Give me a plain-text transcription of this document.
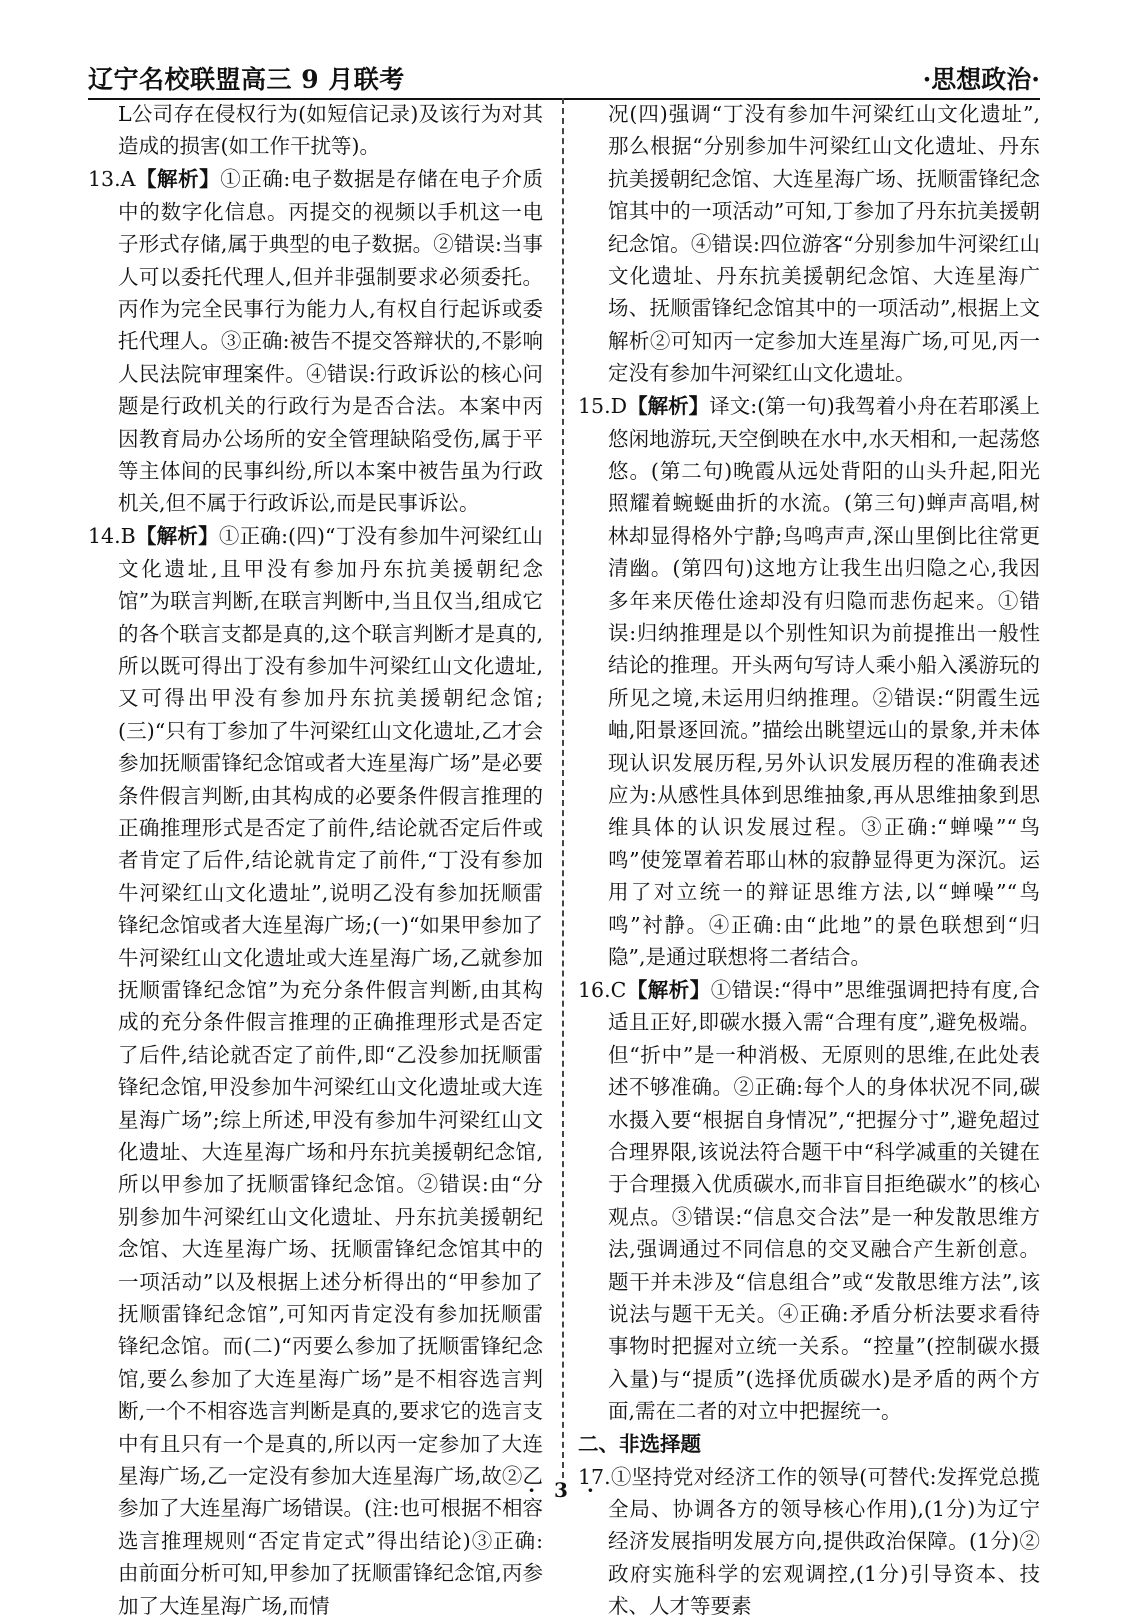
辽宁名校联盟高三 9 月联考	·思想政治·

L公司存在侵权行为(如短信记录)及该行为对其造成的损害(如工作干扰等)。

13.A【解析】①正确:电子数据是存储在电子介质中的数字化信息。丙提交的视频以手机这一电子形式存储,属于典型的电子数据。②错误:当事人可以委托代理人,但并非强制要求必须委托。丙作为完全民事行为能力人,有权自行起诉或委托代理人。③正确:被告不提交答辩状的,不影响人民法院审理案件。④错误:行政诉讼的核心问题是行政机关的行政行为是否合法。本案中丙因教育局办公场所的安全管理缺陷受伤,属于平等主体间的民事纠纷,所以本案中被告虽为行政机关,但不属于行政诉讼,而是民事诉讼。

14.B【解析】①正确:(四)“丁没有参加牛河梁红山文化遗址,且甲没有参加丹东抗美援朝纪念馆”为联言判断,在联言判断中,当且仅当,组成它的各个联言支都是真的,这个联言判断才是真的,所以既可得出丁没有参加牛河梁红山文化遗址,又可得出甲没有参加丹东抗美援朝纪念馆;(三)“只有丁参加了牛河梁红山文化遗址,乙才会参加抚顺雷锋纪念馆或者大连星海广场”是必要条件假言判断,由其构成的必要条件假言推理的正确推理形式是否定了前件,结论就否定后件或者肯定了后件,结论就肯定了前件,“丁没有参加牛河梁红山文化遗址”,说明乙没有参加抚顺雷锋纪念馆或者大连星海广场;(一)“如果甲参加了牛河梁红山文化遗址或大连星海广场,乙就参加抚顺雷锋纪念馆”为充分条件假言判断,由其构成的充分条件假言推理的正确推理形式是否定了后件,结论就否定了前件,即“乙没参加抚顺雷锋纪念馆,甲没参加牛河梁红山文化遗址或大连星海广场”;综上所述,甲没有参加牛河梁红山文化遗址、大连星海广场和丹东抗美援朝纪念馆,所以甲参加了抚顺雷锋纪念馆。②错误:由“分别参加牛河梁红山文化遗址、丹东抗美援朝纪念馆、大连星海广场、抚顺雷锋纪念馆其中的一项活动”以及根据上述分析得出的“甲参加了抚顺雷锋纪念馆”,可知丙肯定没有参加抚顺雷锋纪念馆。而(二)“丙要么参加了抚顺雷锋纪念馆,要么参加了大连星海广场”是不相容选言判断,一个不相容选言判断是真的,要求它的选言支中有且只有一个是真的,所以丙一定参加了大连星海广场,乙一定没有参加大连星海广场,故②乙参加了大连星海广场错误。(注:也可根据不相容选言推理规则“否定肯定式”得出结论)③正确:由前面分析可知,甲参加了抚顺雷锋纪念馆,丙参加了大连星海广场,而情

况(四)强调“丁没有参加牛河梁红山文化遗址”,那么根据“分别参加牛河梁红山文化遗址、丹东抗美援朝纪念馆、大连星海广场、抚顺雷锋纪念馆其中的一项活动”可知,丁参加了丹东抗美援朝纪念馆。④错误:四位游客“分别参加牛河梁红山文化遗址、丹东抗美援朝纪念馆、大连星海广场、抚顺雷锋纪念馆其中的一项活动”,根据上文解析②可知丙一定参加大连星海广场,可见,丙一定没有参加牛河梁红山文化遗址。

15.D【解析】译文:(第一句)我驾着小舟在若耶溪上悠闲地游玩,天空倒映在水中,水天相和,一起荡悠悠。(第二句)晚霞从远处背阳的山头升起,阳光照耀着蜿蜒曲折的水流。(第三句)蝉声高唱,树林却显得格外宁静;鸟鸣声声,深山里倒比往常更清幽。(第四句)这地方让我生出归隐之心,我因多年来厌倦仕途却没有归隐而悲伤起来。①错误:归纳推理是以个别性知识为前提推出一般性结论的推理。开头两句写诗人乘小船入溪游玩的所见之境,未运用归纳推理。②错误:“阴霞生远岫,阳景逐回流。”描绘出眺望远山的景象,并未体现认识发展历程,另外认识发展历程的准确表述应为:从感性具体到思维抽象,再从思维抽象到思维具体的认识发展过程。③正确:“蝉噪”“鸟鸣”使笼罩着若耶山林的寂静显得更为深沉。运用了对立统一的辩证思维方法,以“蝉噪”“鸟鸣”衬静。④正确:由“此地”的景色联想到“归隐”,是通过联想将二者结合。

16.C【解析】①错误:“得中”思维强调把持有度,合适且正好,即碳水摄入需“合理有度”,避免极端。但“折中”是一种消极、无原则的思维,在此处表述不够准确。②正确:每个人的身体状况不同,碳水摄入要“根据自身情况”,“把握分寸”,避免超过合理界限,该说法符合题干中“科学减重的关键在于合理摄入优质碳水,而非盲目拒绝碳水”的核心观点。③错误:“信息交合法”是一种发散思维方法,强调通过不同信息的交叉融合产生新创意。题干并未涉及“信息组合”或“发散思维方法”,该说法与题干无关。④正确:矛盾分析法要求看待事物时把握对立统一关系。“控量”(控制碳水摄入量)与“提质”(选择优质碳水)是矛盾的两个方面,需在二者的对立中把握统一。

二、非选择题

17.①坚持党对经济工作的领导(可替代:发挥党总揽全局、协调各方的领导核心作用),(1分)为辽宁经济发展指明发展方向,提供政治保障。(1分)②政府实施科学的宏观调控,(1分)引导资本、技术、人才等要素

· 3 ·
